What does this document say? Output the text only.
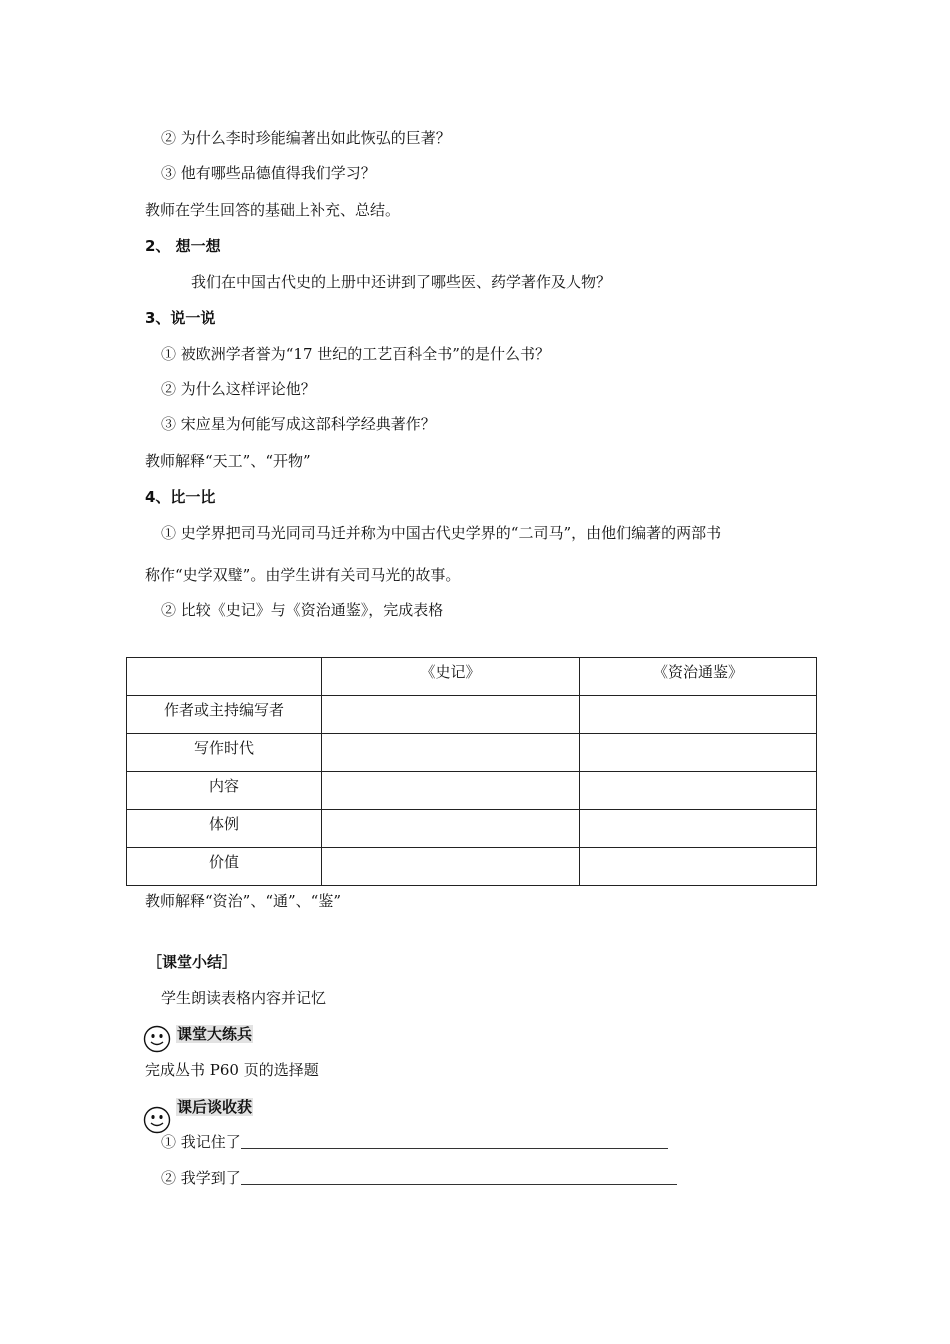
② 为什么李时珍能编著出如此恢弘的巨著？
③ 他有哪些品德值得我们学习？
教师在学生回答的基础上补充、总结。
2、 想一想
我们在中国古代史的上册中还讲到了哪些医、药学著作及人物？
3、说一说
① 被欧洲学者誉为“17 世纪的工艺百科全书”的是什么书？
② 为什么这样评论他？
③ 宋应星为何能写成这部科学经典著作？
教师解释“天工”、“开物”
4、比一比
① 史学界把司马光同司马迁并称为中国古代史学界的“二司马”，由他们编著的两部书
称作“史学双璧”。由学生讲有关司马光的故事。
② 比较《史记》与《资治通鉴》，完成表格

	《史记》	《资治通鉴》

作者或主持编写者		

写作时代		

内容		

体例		

价值		

教师解释“资治”、“通”、“鉴”
［课堂小结］
学生朗读表格内容并记忆
课堂大练兵
完成丛书 P60 页的选择题
课后谈收获
① 我记住了
② 我学到了
